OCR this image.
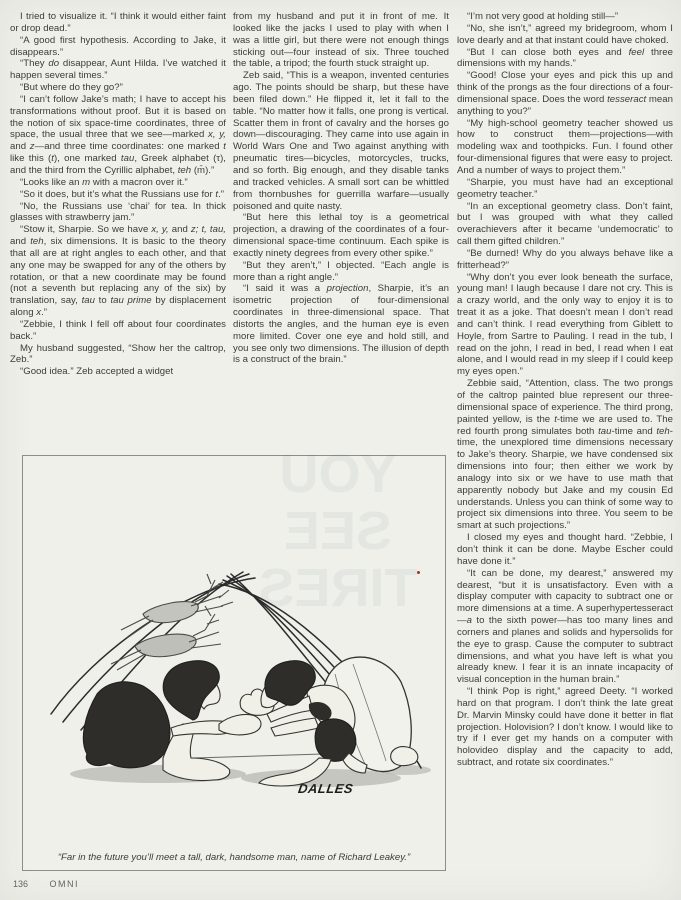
I tried to visualize it. “I think it would either faint or drop dead.”

“A good first hypothesis. According to Jake, it disappears.”

“They do disappear, Aunt Hilda. I’ve watched it happen several times.”

“But where do they go?”

“I can’t follow Jake’s math; I have to accept his transformations without proof. But it is based on the notion of six space-time coordinates, three of space, the usual three that we see—marked x, y, and z—and three time coordinates: one marked t like this (t), one marked tau, Greek alphabet (τ), and the third from the Cyrillic alphabet, teh (m̄).”

“Looks like an m with a macron over it.”

“So it does, but it’s what the Russians use for t.”

“No, the Russians use ‘chai’ for tea. In thick glasses with strawberry jam.”

“Stow it, Sharpie. So we have x, y, and z; t, tau, and teh, six dimensions. It is basic to the theory that all are at right angles to each other, and that any one may be swapped for any of the others by rotation, or that a new coordinate may be found (not a seventh but replacing any of the six) by translation, say, tau to tau prime by displacement along x.”

“Zebbie, I think I fell off about four coordinates back.”

My husband suggested, “Show her the caltrop, Zeb.”

“Good idea.” Zeb accepted a widget

from my husband and put it in front of me. It looked like the jacks I used to play with when I was a little girl, but there were not enough things sticking out—four instead of six. Three touched the table, a tripod; the fourth stuck straight up.

Zeb said, “This is a weapon, invented centuries ago. The points should be sharp, but these have been filed down.” He flipped it, let it fall to the table. “No matter how it falls, one prong is vertical. Scatter them in front of cavalry and the horses go down—discouraging. They came into use again in World Wars One and Two against anything with pneumatic tires—bicycles, motorcycles, trucks, and so forth. Big enough, and they disable tanks and tracked vehicles. A small sort can be whittled from thornbushes for guerrilla warfare—usually poisoned and quite nasty.

“But here this lethal toy is a geometrical projection, a drawing of the coordinates of a four-dimensional space-time continuum. Each spike is exactly ninety degrees from every other spike.”

“But they aren’t,” I objected. “Each angle is more than a right angle.”

“I said it was a projection, Sharpie, it’s an isometric projection of four-dimensional coordinates in three-dimensional space. That distorts the angles, and the human eye is even more limited. Cover one eye and hold still, and you see only two dimensions. The illusion of depth is a construct of the brain.”

“I’m not very good at holding still—”

“No, she isn’t,” agreed my bridegroom, whom I love dearly and at that instant could have choked.

“But I can close both eyes and feel three dimensions with my hands.”

“Good! Close your eyes and pick this up and think of the prongs as the four directions of a four-dimensional space. Does the word tesseract mean anything to you?”

“My high-school geometry teacher showed us how to construct them—projections—with modeling wax and toothpicks. Fun. I found other four-dimensional figures that were easy to project. And a number of ways to project them.”

“Sharpie, you must have had an exceptional geometry teacher.”

“In an exceptional geometry class. Don’t faint, but I was grouped with what they called overachievers after it became ‘undemocratic’ to call them gifted children.”

“Be durned! Why do you always behave like a fritterhead?”

“Why don’t you ever look beneath the surface, young man! I laugh because I dare not cry. This is a crazy world, and the only way to enjoy it is to treat it as a joke. That doesn’t mean I don’t read and can’t think. I read everything from Giblett to Hoyle, from Sartre to Pauling. I read in the tub, I read on the john, I read in bed, I read when I eat alone, and I would read in my sleep if I could keep my eyes open.”

Zebbie said, “Attention, class. The two prongs of the caltrop painted blue represent our three-dimensional space of experience. The third prong, painted yellow, is the t-time we are used to. The red fourth prong simulates both tau-time and teh-time, the unexplored time dimensions necessary to Jake’s theory. Sharpie, we have condensed six dimensions into four; then either we work by analogy into six or we have to use math that apparently nobody but Jake and my cousin Ed understands. Unless you can think of some way to project six dimensions into three. You seem to be smart at such projections.”

I closed my eyes and thought hard. “Zebbie, I don’t think it can be done. Maybe Escher could have done it.”

“It can be done, my dearest,” answered my dearest, “but it is unsatisfactory. Even with a display computer with capacity to subtract one or more dimensions at a time. A superhypertesseract—a to the sixth power—has too many lines and corners and planes and solids and hypersolids for the eye to grasp. Cause the computer to subtract dimensions, and what you have left is what you already knew. I fear it is an innate incapacity of visual conception in the human brain.”

“I think Pop is right,” agreed Deety. “I worked hard on that program. I don’t think the late great Dr. Marvin Minsky could have done it better in flat projection. Holovision? I don’t know. I would like to try if I ever get my hands on a computer with holovideo display and the capacity to add, subtract, and rotate six coordinates.”

YOU
SEE
TIRES
DALLES
“Far in the future you’ll meet a tall, dark, handsome man, name of Richard Leakey.”
136 OMNI
